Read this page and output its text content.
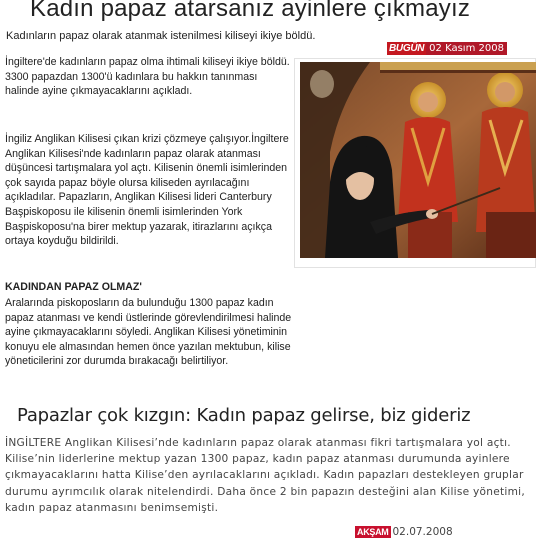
Kadın papaz atarsanız ayinlere çıkmayız
Kadınların papaz olarak atanmak istenilmesi kiliseyi ikiye böldü.
BUGÜN 02 Kasım 2008
İngiltere'de kadınların papaz olma ihtimali kiliseyi ikiye böldü. 3300 papazdan 1300'ü kadınlara bu hakkın tanınması halinde ayine çıkmayacaklarını açıkladı.
İngiliz Anglikan Kilisesi çıkan krizi çözmeye çalışıyor.İngiltere Anglikan Kilisesi'nde kadınların papaz olarak atanması düşüncesi tartışmalara yol açtı. Kilisenin önemli isimlerinden çok sayıda papaz böyle olursa kiliseden ayrılacağını açıkladılar. Papazların, Anglikan Kilisesi lideri Canterbury Başpiskoposu ile kilisenin önemli isimlerinden York Başpiskoposu'na birer mektup yazarak, itirazlarını açıkça ortaya koyduğu bildirildi.
KADINDAN PAPAZ OLMAZ'
Aralarında piskoposların da bulunduğu 1300 papaz kadın papaz atanması ve kendi üstlerinde görevlendirilmesi halinde ayine çıkmayacaklarını söyledi. Anglikan Kilisesi yönetiminin konuyu ele almasından hemen önce yazılan mektubun, kilise yöneticilerini zor durumda bırakacağı belirtiliyor.
Papazlar çok kızgın: Kadın papaz gelirse, biz gideriz
İNGİLTERE Anglikan Kilisesi’nde kadınların papaz olarak atanması fikri tartışmalara yol açtı. Kilise’nin liderlerine mektup yazan 1300 papaz, kadın papaz atanması durumunda ayinlere çıkmayacaklarını hatta Kilise’den ayrılacaklarını açıkladı. Kadın papazları destekleyen gruplar durumu ayrımcılık olarak nitelendirdi. Daha önce 2 bin papazın desteğini alan Kilise yönetimi, kadın papaz atanmasını benimsemişti.
AKŞAM 02.07.2008
